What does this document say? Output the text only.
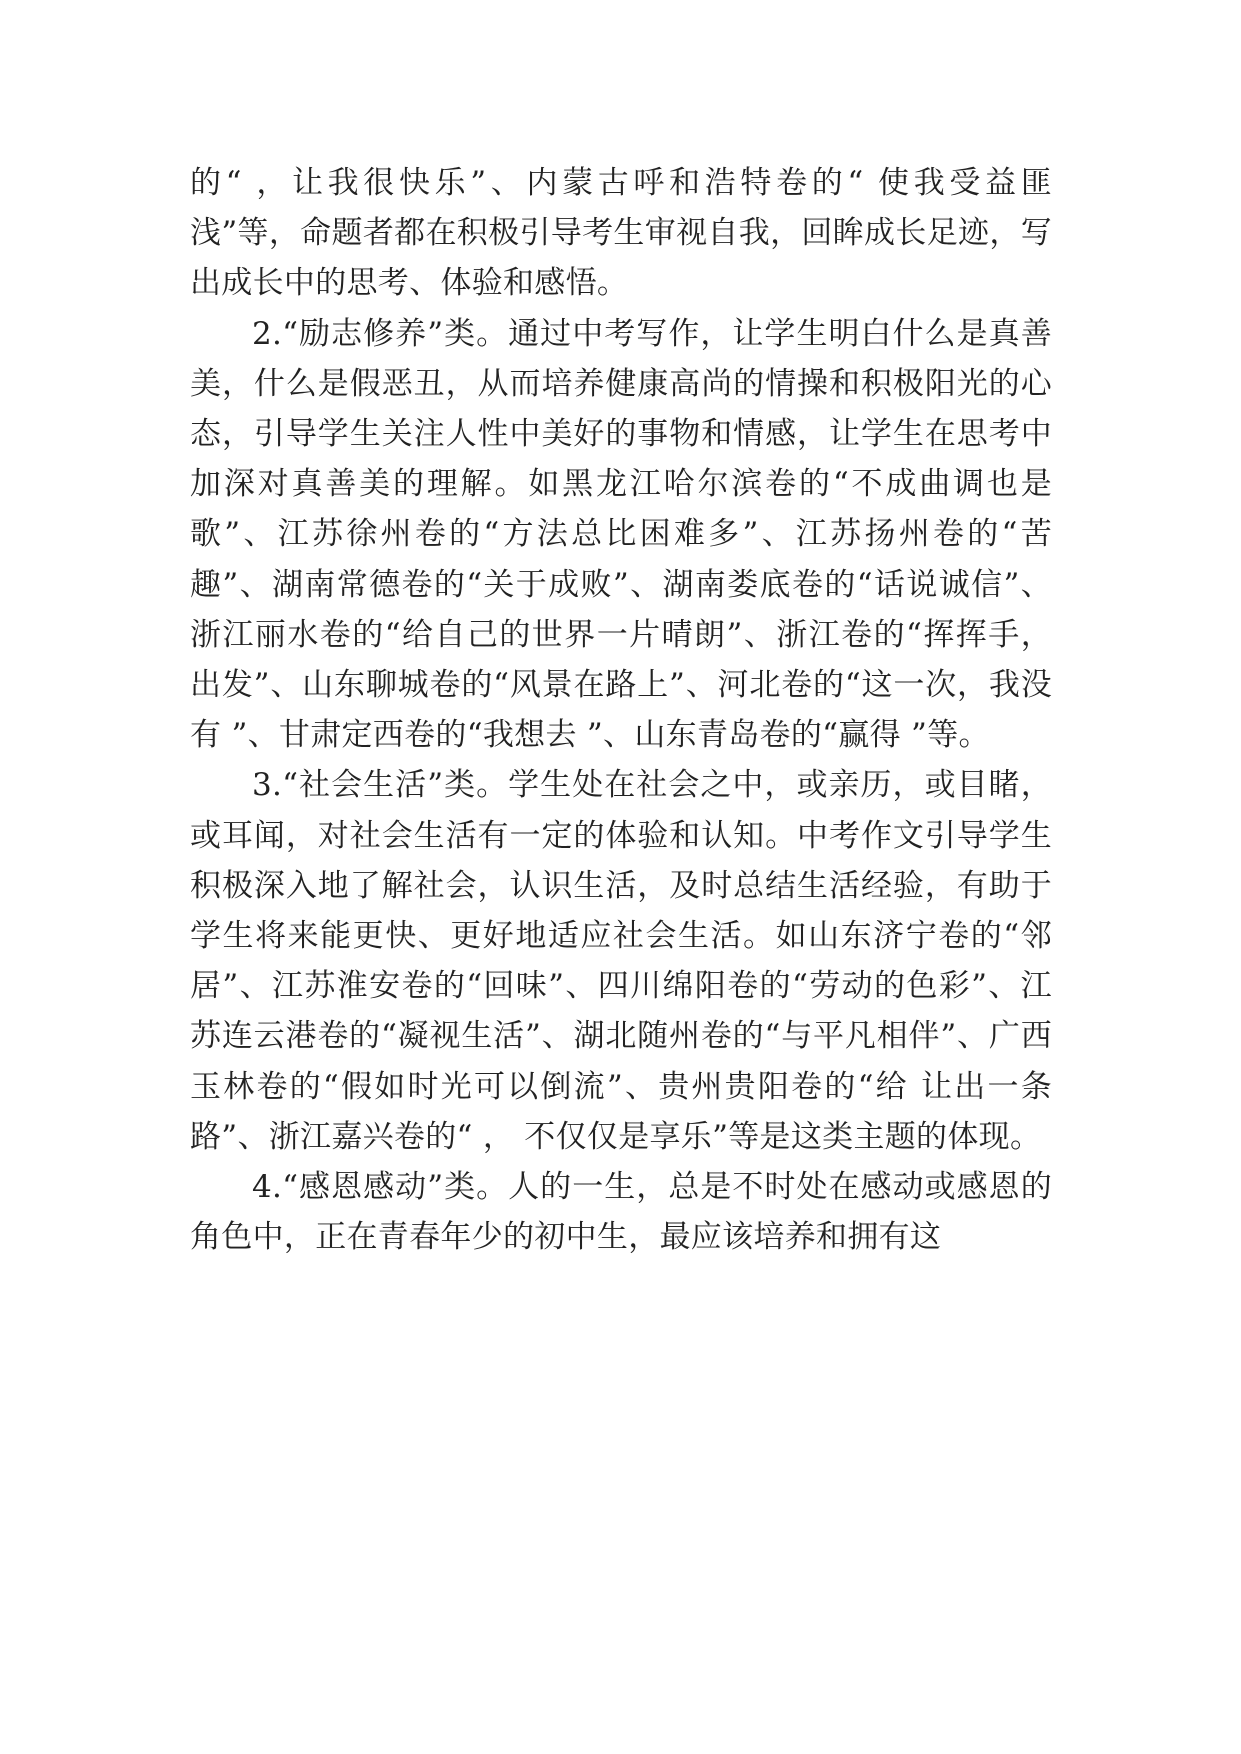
的“ ，让我很快乐”、内蒙古呼和浩特卷的“ 使我受益匪浅”等，命题者都在积极引导考生审视自我，回眸成长足迹，写出成长中的思考、体验和感悟。

2.“励志修养”类。通过中考写作，让学生明白什么是真善美，什么是假恶丑，从而培养健康高尚的情操和积极阳光的心态，引导学生关注人性中美好的事物和情感，让学生在思考中加深对真善美的理解。如黑龙江哈尔滨卷的“不成曲调也是歌”、江苏徐州卷的“方法总比困难多”、江苏扬州卷的“苦趣”、湖南常德卷的“关于成败”、湖南娄底卷的“话说诚信”、浙江丽水卷的“给自己的世界一片晴朗”、浙江卷的“挥挥手，出发”、山东聊城卷的“风景在路上”、河北卷的“这一次，我没有 ”、甘肃定西卷的“我想去 ”、山东青岛卷的“赢得 ”等。

3.“社会生活”类。学生处在社会之中，或亲历，或目睹，或耳闻，对社会生活有一定的体验和认知。中考作文引导学生积极深入地了解社会，认识生活，及时总结生活经验，有助于学生将来能更快、更好地适应社会生活。如山东济宁卷的“邻居”、江苏淮安卷的“回味”、四川绵阳卷的“劳动的色彩”、江苏连云港卷的“凝视生活”、湖北随州卷的“与平凡相伴”、广西玉林卷的“假如时光可以倒流”、贵州贵阳卷的“给 让出一条路”、浙江嘉兴卷的“ ， 不仅仅是享乐”等是这类主题的体现。

4.“感恩感动”类。人的一生，总是不时处在感动或感恩的角色中，正在青春年少的初中生，最应该培养和拥有这
